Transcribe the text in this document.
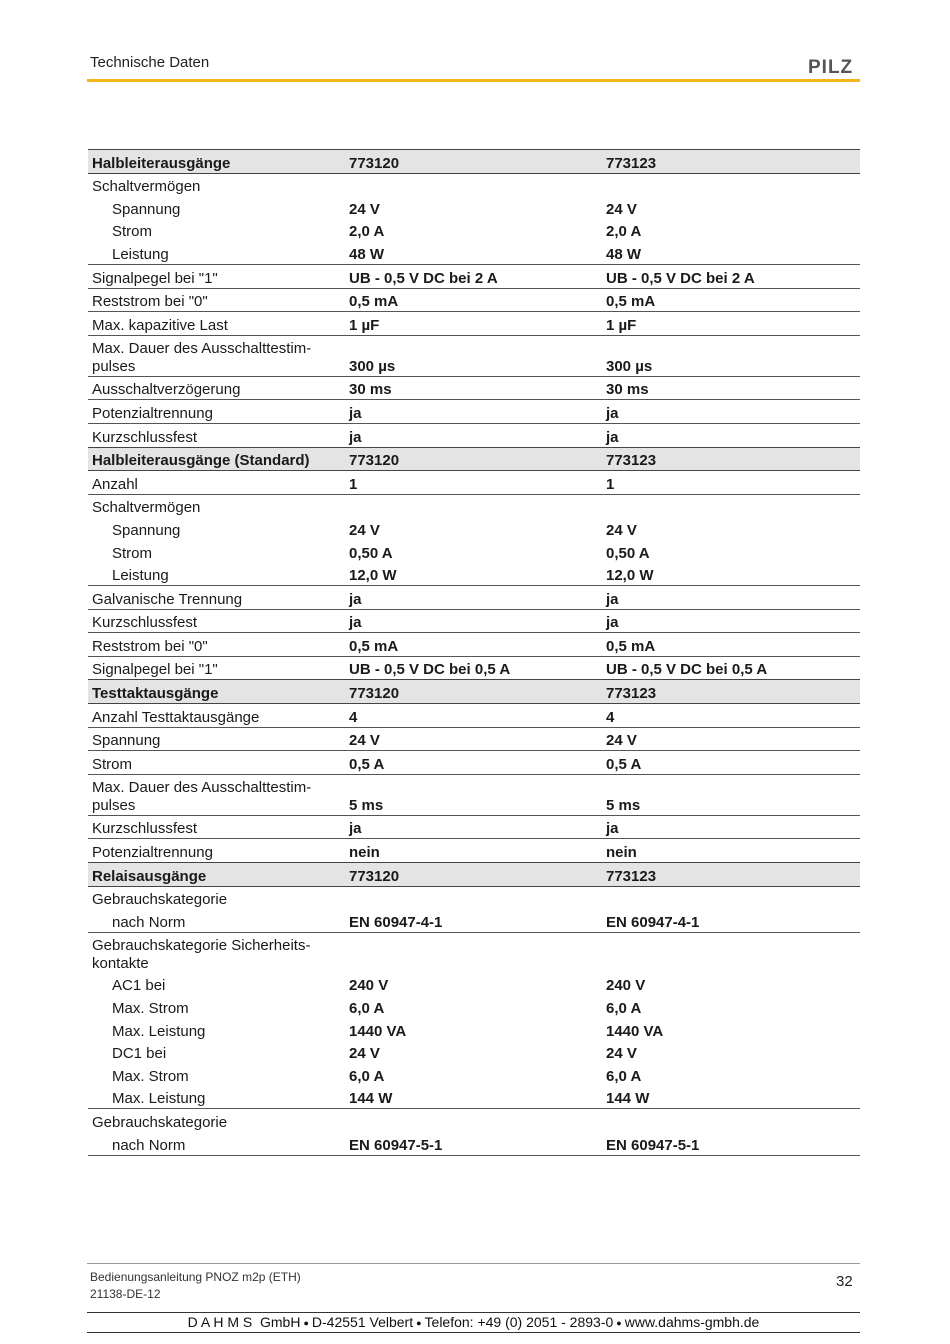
Technische Daten	PILZ
Halbleiterausgänge	773120	773123
Schaltvermögen		
Spannung	24 V	24 V
Strom	2,0 A	2,0 A
Leistung	48 W	48 W
Signalpegel bei "1"	UB - 0,5 V DC bei 2 A	UB - 0,5 V DC bei 2 A
Reststrom bei "0"	0,5 mA	0,5 mA
Max. kapazitive Last	1 µF	1 µF
Max. Dauer des Ausschalttestim-
pulses	300 µs	300 µs
Ausschaltverzögerung	30 ms	30 ms
Potenzialtrennung	ja	ja
Kurzschlussfest	ja	ja
Halbleiterausgänge (Standard)	773120	773123
Anzahl	1	1
Schaltvermögen		
Spannung	24 V	24 V
Strom	0,50 A	0,50 A
Leistung	12,0 W	12,0 W
Galvanische Trennung	ja	ja
Kurzschlussfest	ja	ja
Reststrom bei "0"	0,5 mA	0,5 mA
Signalpegel bei "1"	UB - 0,5 V DC bei 0,5 A	UB - 0,5 V DC bei 0,5 A
Testtaktausgänge	773120	773123
Anzahl Testtaktausgänge	4	4
Spannung	24 V	24 V
Strom	0,5 A	0,5 A
Max. Dauer des Ausschalttestim-
pulses	5 ms	5 ms
Kurzschlussfest	ja	ja
Potenzialtrennung	nein	nein
Relaisausgänge	773120	773123
Gebrauchskategorie		
nach Norm	EN 60947-4-1	EN 60947-4-1
Gebrauchskategorie Sicherheits-
kontakte		
AC1 bei	240 V	240 V
Max. Strom	6,0 A	6,0 A
Max. Leistung	1440 VA	1440 VA
DC1 bei	24 V	24 V
Max. Strom	6,0 A	6,0 A
Max. Leistung	144 W	144 W
Gebrauchskategorie		
nach Norm	EN 60947-5-1	EN 60947-5-1
Bedienungsanleitung PNOZ m2p (ETH)
21138-DE-12
32
D A H M S  GmbH ● D-42551 Velbert ● Telefon: +49 (0) 2051 - 2893-0 ● www.dahms-gmbh.de
